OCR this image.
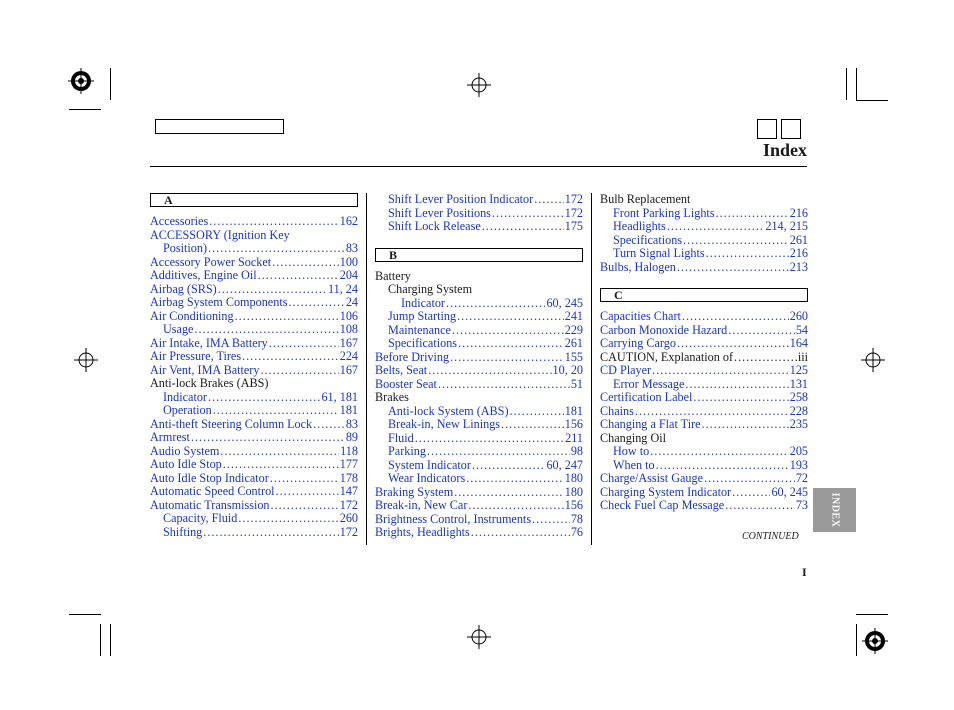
Index
A
Accessories .....	162
ACCESSORY (Ignition Key
Position) .....	83
Accessory Power Socket .....	100
Additives, Engine Oil .....	204
Airbag (SRS) .....	11, 24
Airbag System Components .....	24
Air Conditioning .....	106
Usage .....	108
Air Intake, IMA Battery .....	167
Air Pressure, Tires .....	224
Air Vent, IMA Battery .....	167
Anti-lock Brakes (ABS)
Indicator .....	61, 181
Operation .....	181
Anti-theft Steering Column Lock .....	83
Armrest .....	89
Audio System .....	118
Auto Idle Stop .....	177
Auto Idle Stop Indicator .....	178
Automatic Speed Control .....	147
Automatic Transmission .....	172
Capacity, Fluid .....	260
Shifting .....	172
Shift Lever Position Indicator .....	172
Shift Lever Positions .....	172
Shift Lock Release .....	175
B
Battery
Charging System
Indicator .....	60, 245
Jump Starting .....	241
Maintenance .....	229
Specifications .....	261
Before Driving .....	155
Belts, Seat .....	10, 20
Booster Seat .....	51
Brakes
Anti-lock System (ABS) .....	181
Break-in, New Linings .....	156
Fluid .....	211
Parking .....	98
System Indicator .....	60, 247
Wear Indicators .....	180
Braking System .....	180
Break-in, New Car .....	156
Brightness Control, Instruments .....	78
Brights, Headlights .....	76
Bulb Replacement
Front Parking Lights .....	216
Headlights .....	214, 215
Specifications .....	261
Turn Signal Lights .....	216
Bulbs, Halogen .....	213
C
Capacities Chart .....	260
Carbon Monoxide Hazard .....	54
Carrying Cargo .....	164
CAUTION, Explanation of .....	iii
CD Player .....	125
Error Message .....	131
Certification Label .....	258
Chains .....	228
Changing a Flat Tire .....	235
Changing Oil
How to .....	205
When to .....	193
Charge/Assist Gauge .....	72
Charging System Indicator .....	60, 245
Check Fuel Cap Message .....	73 INDEX
CONTINUED
I
